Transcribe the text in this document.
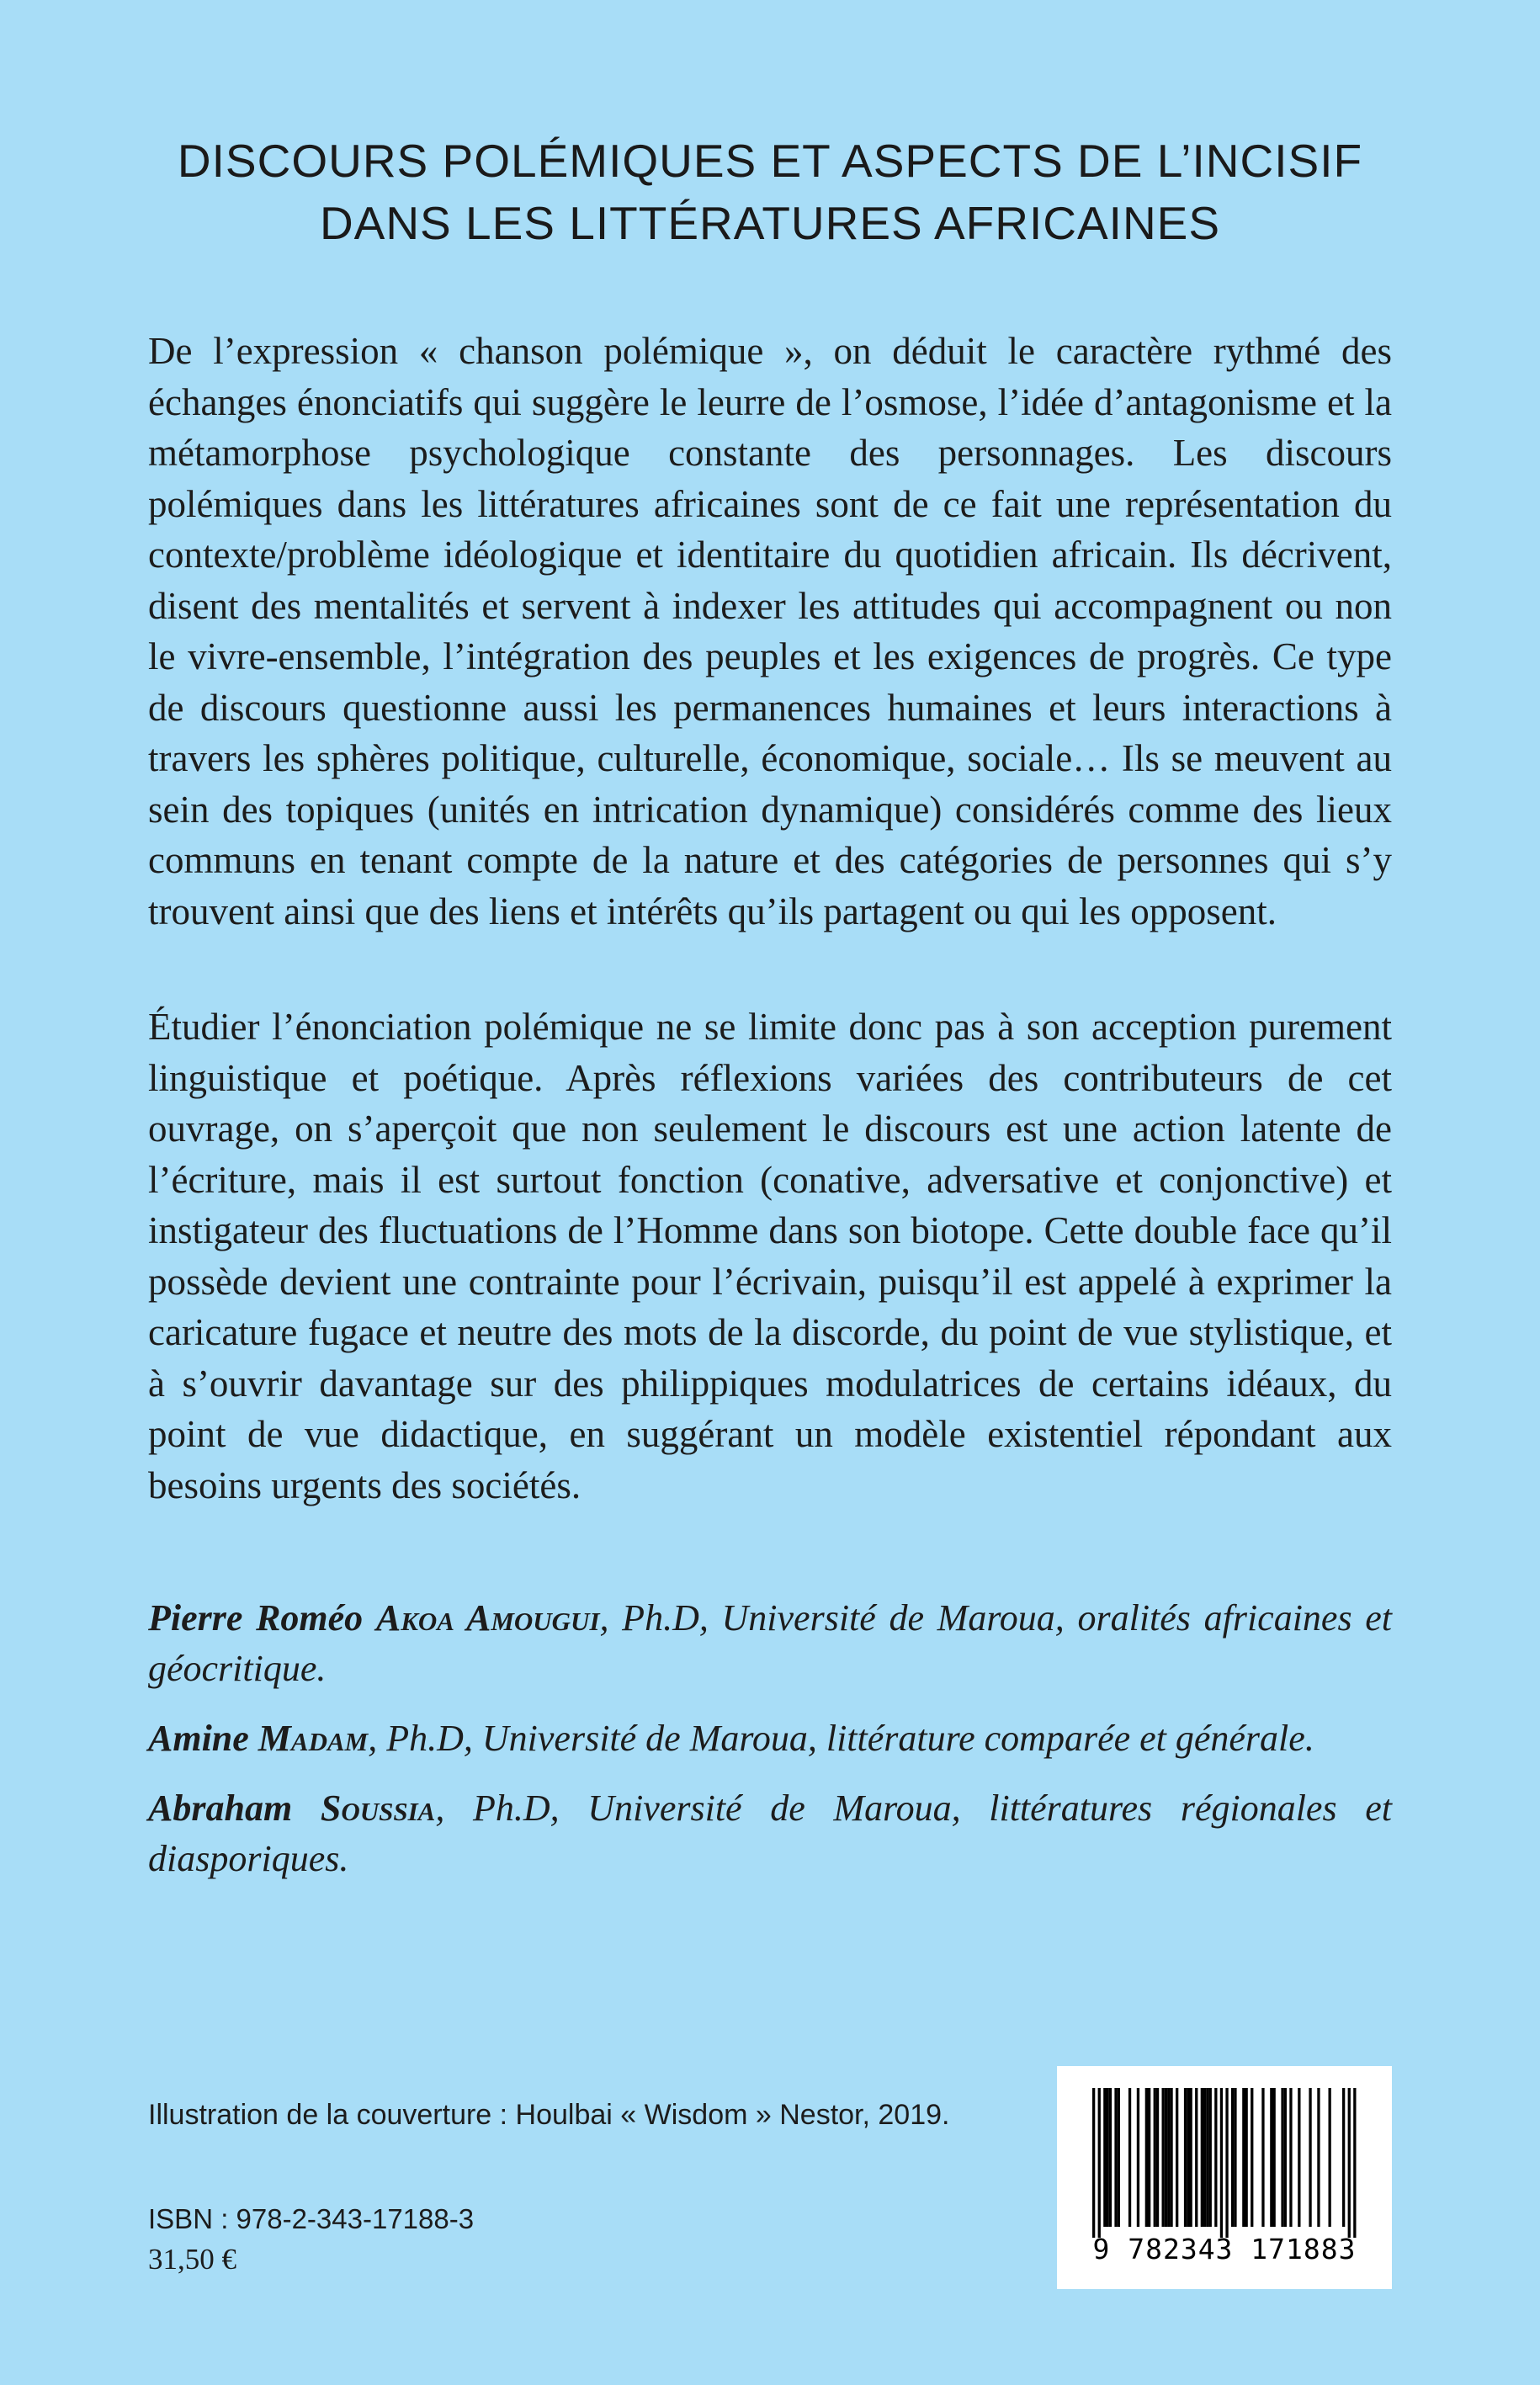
DISCOURS POLÉMIQUES ET ASPECTS DE L’INCISIF
DANS LES LITTÉRATURES AFRICAINES

De l’expression « chanson polémique », on déduit le caractère rythmé des échanges énonciatifs qui suggère le leurre de l’osmose, l’idée d’antagonisme et la métamorphose psychologique constante des personnages. Les discours polémiques dans les littératures africaines sont de ce fait une représentation du contexte/problème idéologique et identitaire du quotidien africain. Ils décrivent, disent des mentalités et servent à indexer les attitudes qui accompagnent ou non le vivre-ensemble, l’intégration des peuples et les exigences de progrès. Ce type de discours questionne aussi les permanences humaines et leurs interactions à travers les sphères politique, culturelle, économique, sociale… Ils se meuvent au sein des topiques (unités en intrication dynamique) considérés comme des lieux communs en tenant compte de la nature et des catégories de personnes qui s’y trouvent ainsi que des liens et intérêts qu’ils partagent ou qui les opposent.

Étudier l’énonciation polémique ne se limite donc pas à son acception purement linguistique et poétique. Après réflexions variées des contributeurs de cet ouvrage, on s’aperçoit que non seulement le discours est une action latente de l’écriture, mais il est surtout fonction (conative, adversative et conjonctive) et instigateur des fluctuations de l’Homme dans son biotope. Cette double face qu’il possède devient une contrainte pour l’écrivain, puisqu’il est appelé à exprimer la caricature fugace et neutre des mots de la discorde, du point de vue stylistique, et à s’ouvrir davantage sur des philippiques modulatrices de certains idéaux, du point de vue didactique, en suggérant un modèle existentiel répondant aux besoins urgents des sociétés.

Pierre Roméo Akoa Amougui, Ph.D, Université de Maroua, oralités africaines et géocritique.

Amine Madam, Ph.D, Université de Maroua, littérature comparée et générale.

Abraham Soussia, Ph.D, Université de Maroua, littératures régionales et diasporiques.

Illustration de la couverture : Houlbai « Wisdom » Nestor, 2019.
ISBN : 978-2-343-17188-3
31,50 €	9 782343 171883
